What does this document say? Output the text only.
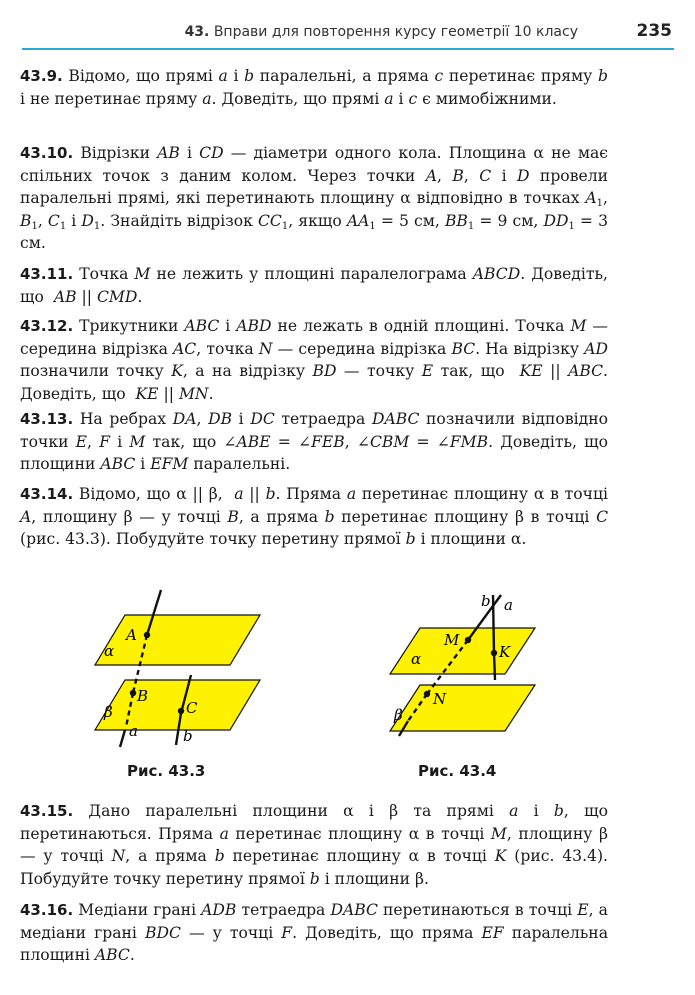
43. Вправи для повторення курсу геометрії 10 класу	235
43.9. Відомо, що прямі a і b паралельні, а пряма c перетинає пряму b і не перетинає пряму a. Доведіть, що прямі a і c є мимобіжними.
43.10. Відрізки AB і CD — діаметри одного кола. Площина α не має спільних точок з даним колом. Через точки A, B, C і D провели паралельні прямі, які перетинають площину α відповідно в точках $A_1$, $B_1$, $C_1$ і $D_1$. Знайдіть відрізок $CC_1$, якщо $AA_1 = 5$ см, $BB_1 = 9$ см, $DD_1 = 3$ см.
43.11. Точка M не лежить у площині паралелограма ABCD. Доведіть, що  AB || CMD.
43.12. Трикутники ABC і ABD не лежать в одній площині. Точка M — середина відрізка AC, точка N — середина відрізка BC. На відрізку AD позначили точку K, а на відрізку BD — точку E так, що  KE || ABC. Доведіть, що  KE || MN.
43.13. На ребрах DA, DB і DC тетраедра DABC позначили відповідно точки E, F і M так, що ∠ABE = ∠FEB, ∠CBM = ∠FMB. Доведіть, що площини ABC і EFM паралельні.
43.14. Відомо, що α || β,  a || b. Пряма a перетинає площину α в точці A, площину β — у точці B, а пряма b перетинає площину β в точці C (рис. 43.3). Побудуйте точку перетину прямої b і площини α.
A
B
C
α
β
a	b
Рис. 43.3
M
K
N
α
β
b a
Рис. 43.4
43.15. Дано паралельні площини α і β та прямі a і b, що перетинаються. Пряма a перетинає площину α в точці M, площину β — у точці N, а пряма b перетинає площину α в точці K (рис. 43.4). Побудуйте точку перетину прямої b і площини β.
43.16. Медіани грані ADB тетраедра DABC перетинаються в точці E, а медіани грані BDC — у точці F. Доведіть, що пряма EF паралельна площині ABC.
